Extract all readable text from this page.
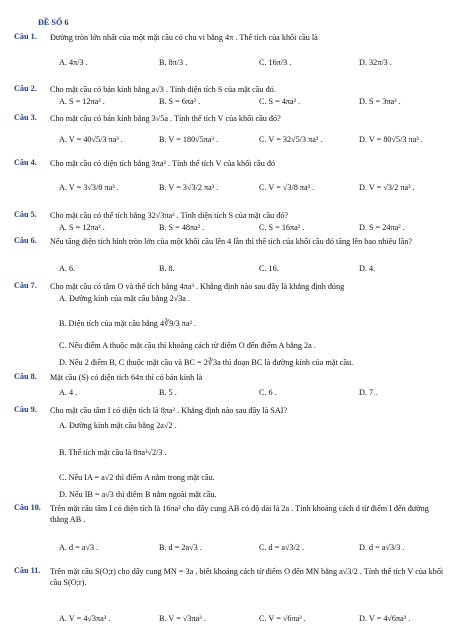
ĐỀ SỐ 6
Câu 1. Đường tròn lớn nhất của một mặt cầu có chu vi bằng 4π . Thể tích của khối cầu là
A. 4π/3 .	B. 8π/3 .	C. 16π/3 .	D. 32π/3 .
Câu 2. Cho mặt cầu có bán kính bằng a√3 . Tính diện tích S của mặt cầu đó.
A. S = 12πa² .	B. S = 6πa² .	C. S = 4πa² .	D. S = 3πa² .
Câu 3. Cho mặt cầu có bán kính bằng 3√5a . Tính thể tích V của khối cầu đó?
A. V = 40√5/3 πa³ .	B. V = 180√5πa³ .	C. V = 32√5/3 πa³ .	D. V = 80√5/3 πa³ .
Câu 4. Cho mặt cầu có diện tích bằng 3πa² . Tính thể tích V của khối cầu đó
A. V = 3√3/8 πa³ .	B. V = 3√3/2 πa³ .	C. V = √3/8 πa³ .	D. V = √3/2 πa³ .
Câu 5. Cho mặt cầu có thể tích bằng 32√3πa³ . Tính diện tích S của mặt cầu đó?
A. S = 12πa² .	B. S = 48πa² .	C. S = 16πa² .	D. S = 24πa² .
Câu 6. Nếu tăng diện tích hình tròn lớn của một khối cầu lên 4 lần thì thể tích của khối cầu đó tăng lên bao nhiêu lần?
A. 6.	B. 8.	C. 16.	D. 4.
Câu 7. Cho mặt cầu có tâm O và thể tích bằng 4πa³ . Khẳng định nào sau đây là khẳng định đúng
A. Đường kính của mặt cầu bằng 2√3a .
B. Diện tích của mặt cầu bằng 4∛9/3 πa² .
C. Nếu điểm A thuộc mặt cầu thì khoảng cách từ điểm O đến điểm A bằng 2a .
D. Nếu 2 điểm B, C thuộc mặt cầu và BC = 2∛3a thì đoạn BC là đường kính của mặt cầu.
Câu 8. Mặt cầu (S) có diện tích 64π thì có bán kính là
A. 4 .	B. 5 .	C. 6 .	D. 7 .
Câu 9. Cho mặt cầu tâm I có diện tích là 8πa² . Khẳng định nào sau đây là SAI?
A. Đường kính mặt cầu bằng 2a√2 .
B. Thể tích mặt cầu là 8πa³√2/3 .
C. Nếu IA = a√2 thì điểm A nằm trong mặt cầu.
D. Nếu IB = a√3 thì điểm B nằm ngoài mặt cầu.
Câu 10. Trên mặt cầu tâm I có diện tích là 16πa² cho dây cung AB có độ dài là 2a . Tính khoảng cách d từ điểm I đến đường thẳng AB .
A. d = a√3 .	B. d = 2a√3 .	C. d = a√3/2 .	D. d = a√3/3 .
Câu 11. Trên mặt cầu S(O;r) cho dây cung MN = 3a , biết khoảng cách từ điểm O đến MN bằng a√3/2 . Tính thể tích V của khối cầu S(O;r).
A. V = 4√3πa³ .	B. V = √3πa³ .	C. V = √6πa³ .	D. V = 4√6πa³ .
